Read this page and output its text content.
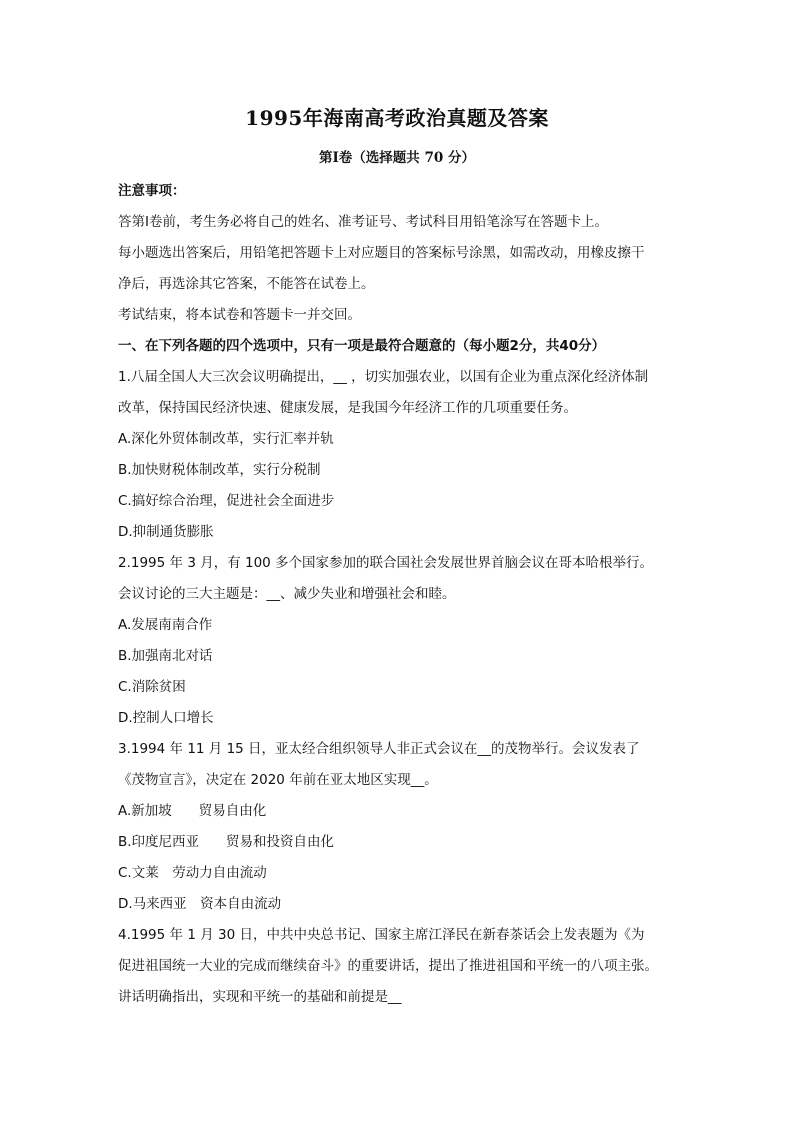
1995年海南高考政治真题及答案
第Ⅰ卷（选择题共 70 分）
注意事项：
答第Ⅰ卷前，考生务必将自己的姓名、准考证号、考试科目用铅笔涂写在答题卡上。
每小题选出答案后，用铅笔把答题卡上对应题目的答案标号涂黑，如需改动，用橡皮擦干
净后，再选涂其它答案，不能答在试卷上。
考试结束，将本试卷和答题卡一并交回。
一、在下列各题的四个选项中，只有一项是最符合题意的（每小题2分，共40分）
1.八届全国人大三次会议明确提出，__ ，切实加强农业，以国有企业为重点深化经济体制
改革，保持国民经济快速、健康发展，是我国今年经济工作的几项重要任务。
A.深化外贸体制改革，实行汇率并轨
B.加快财税体制改革，实行分税制
C.搞好综合治理，促进社会全面进步
D.抑制通货膨胀
2.1995 年 3 月，有 100 多个国家参加的联合国社会发展世界首脑会议在哥本哈根举行。
会议讨论的三大主题是：__、减少失业和增强社会和睦。
A.发展南南合作
B.加强南北对话
C.消除贫困
D.控制人口增长
3.1994 年 11 月 15 日，亚太经合组织领导人非正式会议在__的茂物举行。会议发表了
《茂物宣言》，决定在 2020 年前在亚太地区实现__。
A.新加坡　　贸易自由化
B.印度尼西亚　　贸易和投资自由化
C.文莱　劳动力自由流动
D.马来西亚　资本自由流动
4.1995 年 1 月 30 日，中共中央总书记、国家主席江泽民在新春茶话会上发表题为《为
促进祖国统一大业的完成而继续奋斗》的重要讲话，提出了推进祖国和平统一的八项主张。
讲话明确指出，实现和平统一的基础和前提是__
